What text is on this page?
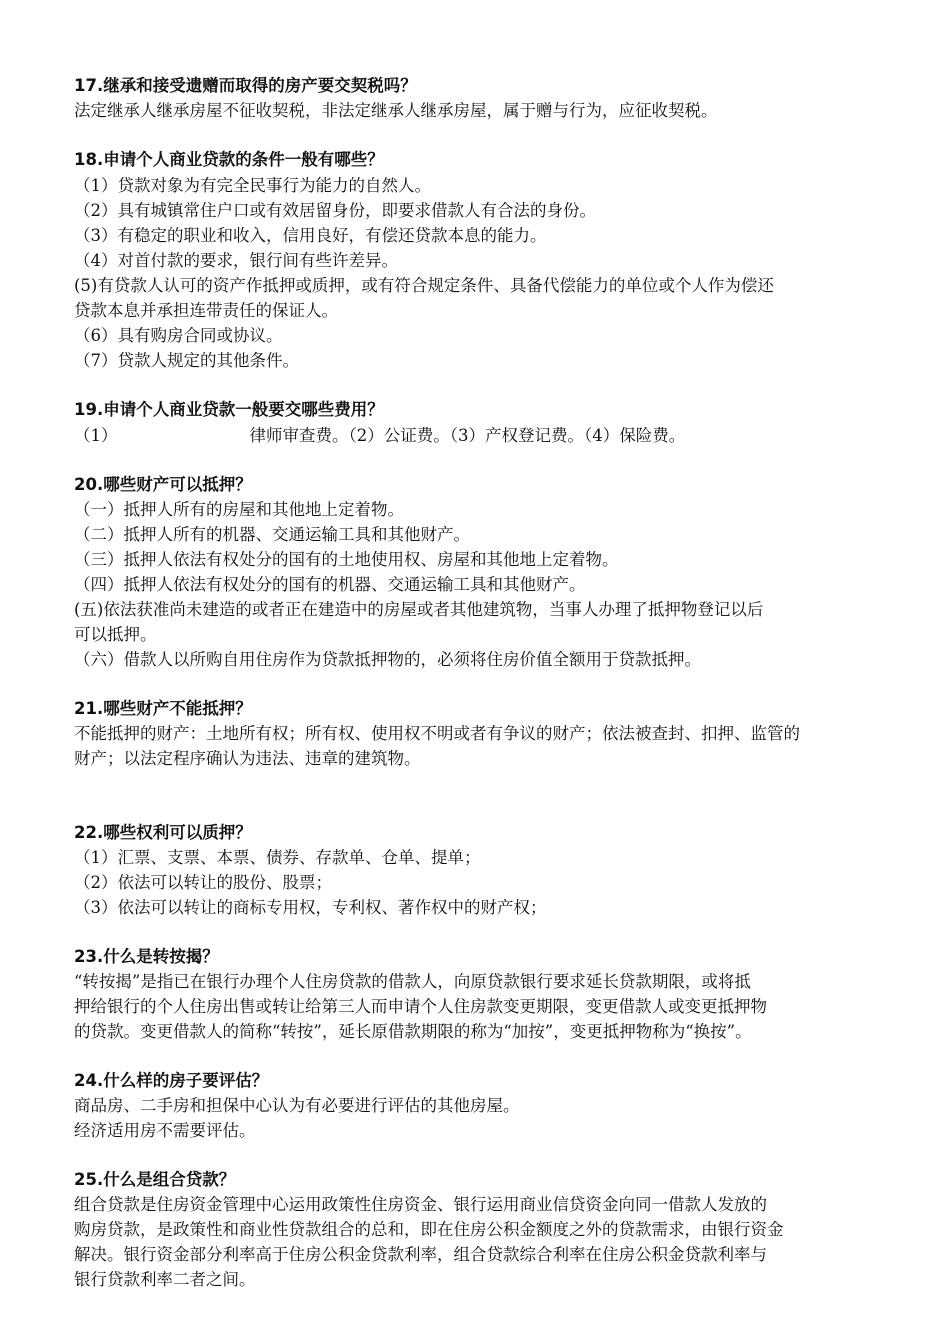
17.继承和接受遗赠而取得的房产要交契税吗？
法定继承人继承房屋不征收契税，非法定继承人继承房屋，属于赠与行为，应征收契税。
18.申请个人商业贷款的条件一般有哪些？
（1）贷款对象为有完全民事行为能力的自然人。
（2）具有城镇常住户口或有效居留身份，即要求借款人有合法的身份。
（3）有稳定的职业和收入，信用良好，有偿还贷款本息的能力。
（4）对首付款的要求，银行间有些许差异。
(5)有贷款人认可的资产作抵押或质押，或有符合规定条件、具备代偿能力的单位或个人作为偿还
贷款本息并承担连带责任的保证人。
（6）具有购房合同或协议。
（7）贷款人规定的其他条件。
19.申请个人商业贷款一般要交哪些费用？
（1）	律师审查费。（2）公证费。（3）产权登记费。（4）保险费。
20.哪些财产可以抵押？
（一）抵押人所有的房屋和其他地上定着物。
（二）抵押人所有的机器、交通运输工具和其他财产。
（三）抵押人依法有权处分的国有的土地使用权、房屋和其他地上定着物。
（四）抵押人依法有权处分的国有的机器、交通运输工具和其他财产。
(五)依法获准尚未建造的或者正在建造中的房屋或者其他建筑物，当事人办理了抵押物登记以后
可以抵押。
（六）借款人以所购自用住房作为贷款抵押物的，必须将住房价值全额用于贷款抵押。
21.哪些财产不能抵押？
不能抵押的财产：土地所有权；所有权、使用权不明或者有争议的财产；依法被查封、扣押、监管的
财产；以法定程序确认为违法、违章的建筑物。
22.哪些权利可以质押？
（1）汇票、支票、本票、债券、存款单、仓单、提单；
（2）依法可以转让的股份、股票；
（3）依法可以转让的商标专用权，专利权、著作权中的财产权；
23.什么是转按揭？
“转按揭”是指已在银行办理个人住房贷款的借款人，向原贷款银行要求延长贷款期限，或将抵
押给银行的个人住房出售或转让给第三人而申请个人住房款变更期限，变更借款人或变更抵押物
的贷款。变更借款人的简称“转按”，延长原借款期限的称为“加按”，变更抵押物称为“换按”。
24.什么样的房子要评估？
商品房、二手房和担保中心认为有必要进行评估的其他房屋。
经济适用房不需要评估。
25.什么是组合贷款？
组合贷款是住房资金管理中心运用政策性住房资金、银行运用商业信贷资金向同一借款人发放的
购房贷款，是政策性和商业性贷款组合的总和，即在住房公积金额度之外的贷款需求，由银行资金
解决。银行资金部分利率高于住房公积金贷款利率，组合贷款综合利率在住房公积金贷款利率与
银行贷款利率二者之间。
